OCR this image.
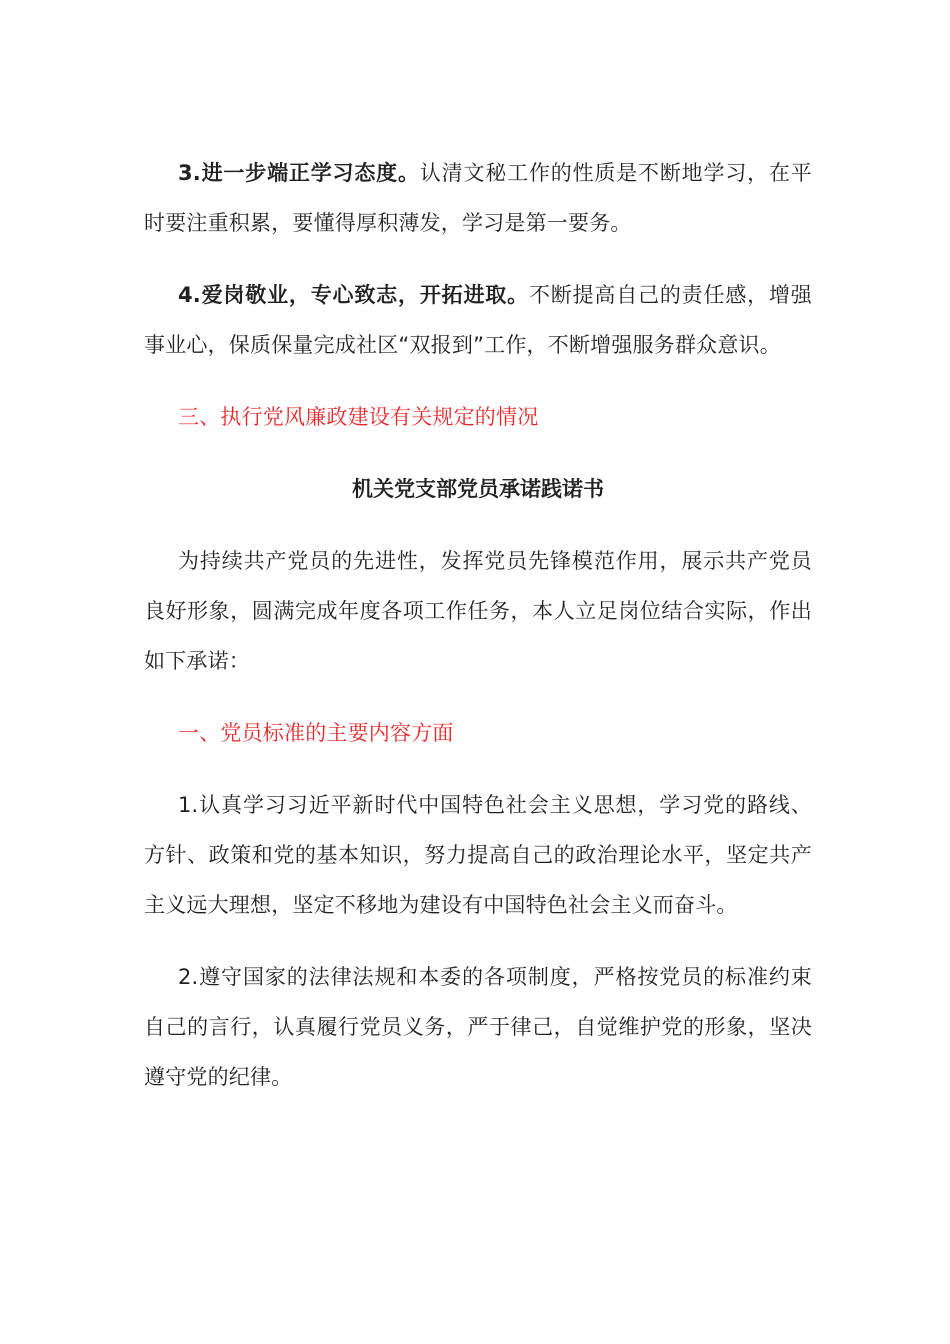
3.进一步端正学习态度。认清文秘工作的性质是不断地学习，在平时要注重积累，要懂得厚积薄发，学习是第一要务。

4.爱岗敬业，专心致志，开拓进取。不断提高自己的责任感，增强事业心，保质保量完成社区“双报到”工作，不断增强服务群众意识。

三、执行党风廉政建设有关规定的情况

机关党支部党员承诺践诺书

为持续共产党员的先进性，发挥党员先锋模范作用，展示共产党员良好形象，圆满完成年度各项工作任务，本人立足岗位结合实际，作出如下承诺：

一、党员标准的主要内容方面

1.认真学习习近平新时代中国特色社会主义思想，学习党的路线、方针、政策和党的基本知识，努力提高自己的政治理论水平，坚定共产主义远大理想，坚定不移地为建设有中国特色社会主义而奋斗。

2.遵守国家的法律法规和本委的各项制度，严格按党员的标准约束自己的言行，认真履行党员义务，严于律己，自觉维护党的形象，坚决遵守党的纪律。
